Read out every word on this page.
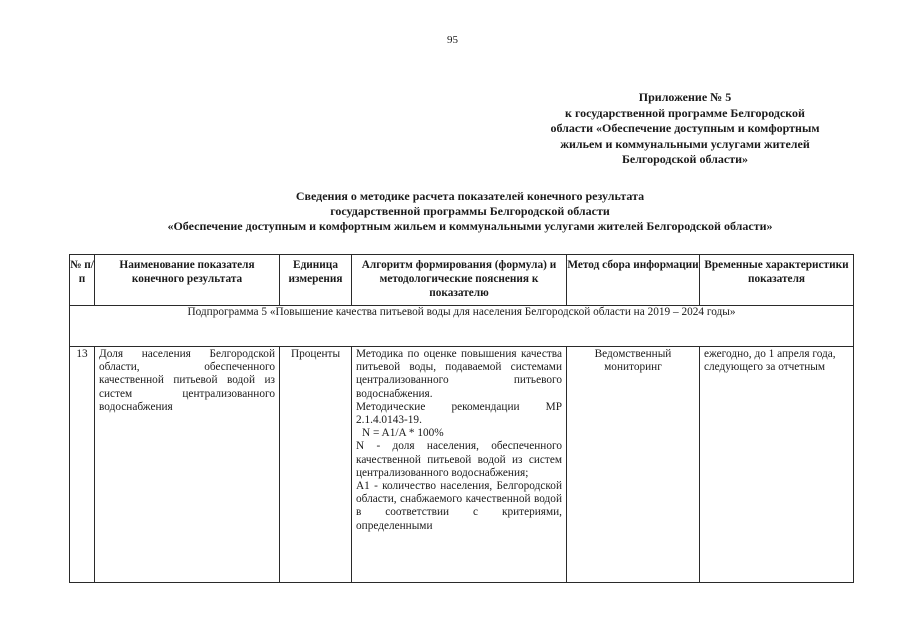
95
Приложение № 5
к государственной программе Белгородской
области «Обеспечение доступным и комфортным
жильем и коммунальными услугами жителей
Белгородской области»
Сведения о методике расчета показателей конечного результата
государственной программы Белгородской области
«Обеспечение доступным и комфортным жильем и коммунальными услугами жителей Белгородской области»
№ п/п	Наименование показателя конечного результата	Единица измерения	Алгоритм формирования (формула) и методологические пояснения к показателю	Метод сбора информации	Временные характеристики показателя
Подпрограмма 5 «Повышение качества питьевой воды для населения Белгородской области на 2019 – 2024 годы»					

13	Доля населения Белгородской области, обеспеченного качественной питьевой водой из систем централизованного водоснабжения	Проценты	Методика по оценке повышения качества питьевой воды, подаваемой системами централизованного питьевого водоснабжения.
Методические рекомендации МР 2.1.4.0143-19.
N = A1/A * 100%
N - доля населения, обеспеченного качественной питьевой водой из систем централизованного водоснабжения;
A1 - количество населения, Белгородской области, снабжаемого качественной водой в соответствии с критериями, определенными	Ведомственный мониторинг	ежегодно, до 1 апреля года, следующего за отчетным
